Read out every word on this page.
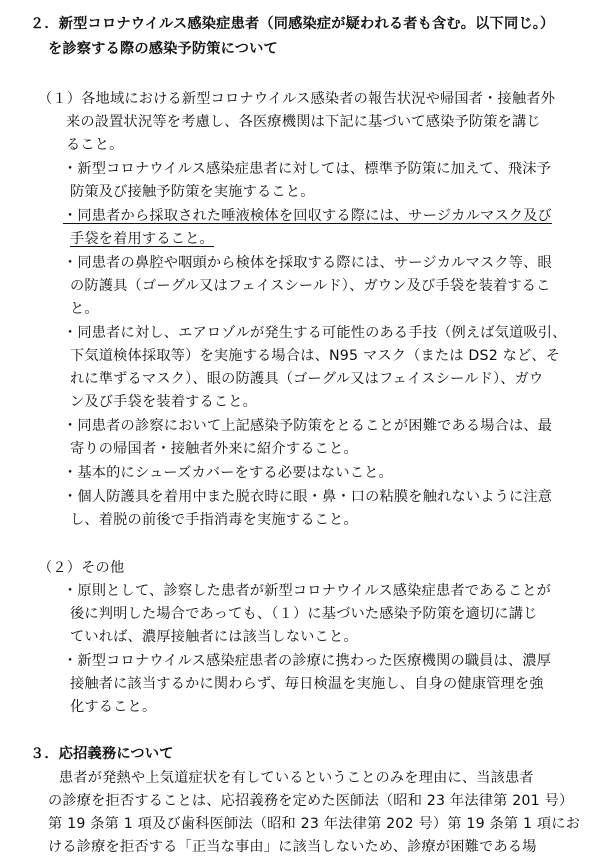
２．新型コロナウイルス感染症患者（同感染症が疑われる者も含む。以下同じ。）
を診察する際の感染予防策について
（１）各地域における新型コロナウイルス感染者の報告状況や帰国者・接触者外
来の設置状況等を考慮し、各医療機関は下記に基づいて感染予防策を講じ
ること。
・新型コロナウイルス感染症患者に対しては、標準予防策に加えて、飛沫予
防策及び接触予防策を実施すること。
・同患者から採取された唾液検体を回収する際には、サージカルマスク及び
手袋を着用すること。
・同患者の鼻腔や咽頭から検体を採取する際には、サージカルマスク等、眼
の防護具（ゴーグル又はフェイスシールド）、ガウン及び手袋を装着するこ
と。
・同患者に対し、エアロゾルが発生する可能性のある手技（例えば気道吸引、
下気道検体採取等）を実施する場合は、N95 マスク（または DS2 など、そ
れに準ずるマスク）、眼の防護具（ゴーグル又はフェイスシールド）、ガウ
ン及び手袋を装着すること。
・同患者の診察において上記感染予防策をとることが困難である場合は、最
寄りの帰国者・接触者外来に紹介すること。
・基本的にシューズカバーをする必要はないこと。
・個人防護具を着用中また脱衣時に眼・鼻・口の粘膜を触れないように注意
し、着脱の前後で手指消毒を実施すること。
（２）その他
・原則として、診察した患者が新型コロナウイルス感染症患者であることが
後に判明した場合であっても、（１）に基づいた感染予防策を適切に講じ
ていれば、濃厚接触者には該当しないこと。
・新型コロナウイルス感染症患者の診療に携わった医療機関の職員は、濃厚
接触者に該当するかに関わらず、毎日検温を実施し、自身の健康管理を強
化すること。
３．応招義務について
患者が発熱や上気道症状を有しているということのみを理由に、当該患者
の診療を拒否することは、応招義務を定めた医師法（昭和 23 年法律第 201 号）
第 19 条第 1 項及び歯科医師法（昭和 23 年法律第 202 号）第 19 条第 1 項にお
ける診療を拒否する「正当な事由」に該当しないため、診療が困難である場
